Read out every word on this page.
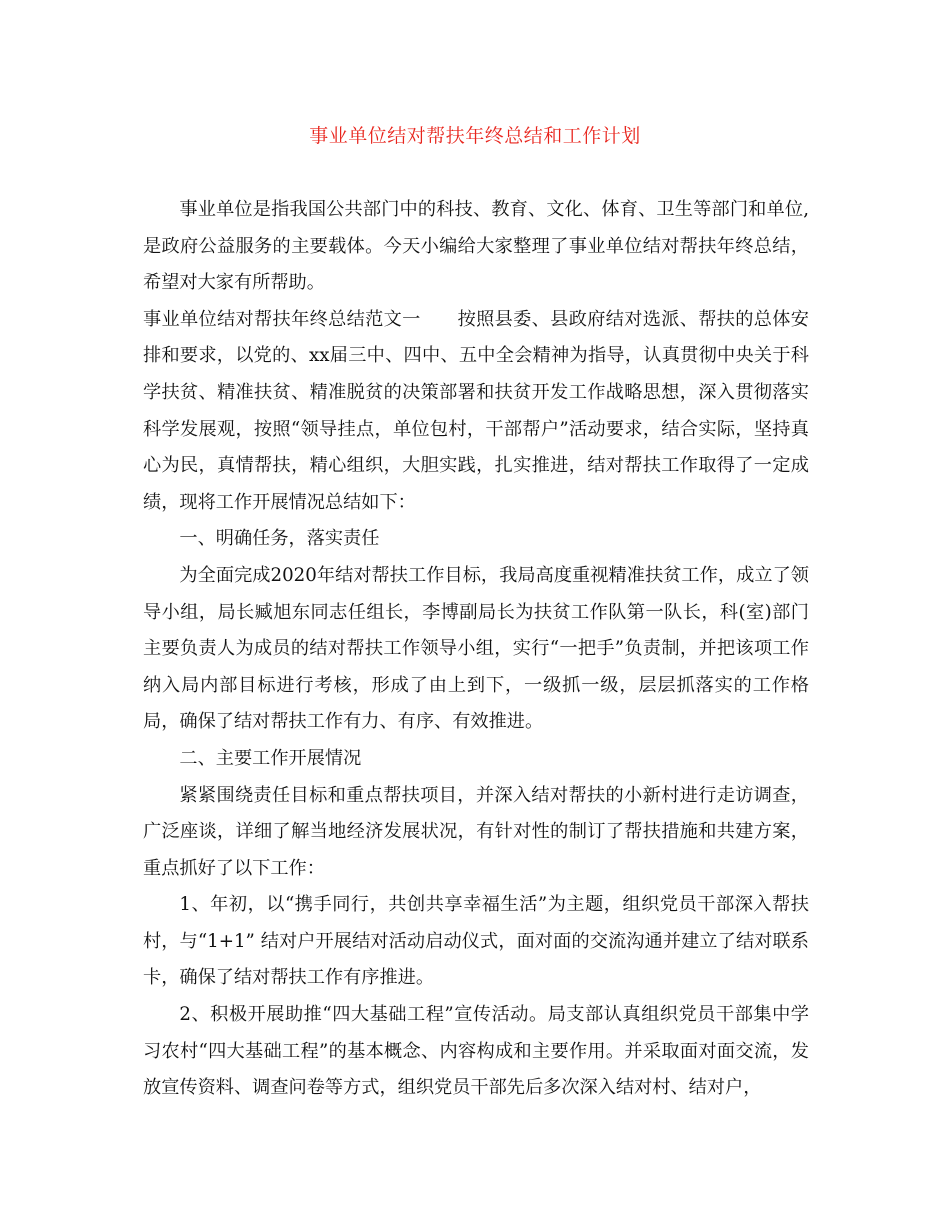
事业单位结对帮扶年终总结和工作计划

事业单位是指我国公共部门中的科技、教育、文化、体育、卫生等部门和单位,是政府公益服务的主要载体。今天小编给大家整理了事业单位结对帮扶年终总结，希望对大家有所帮助。

事业单位结对帮扶年终总结范文一　　按照县委、县政府结对选派、帮扶的总体安排和要求，以党的、xx届三中、四中、五中全会精神为指导，认真贯彻中央关于科学扶贫、精准扶贫、精准脱贫的决策部署和扶贫开发工作战略思想，深入贯彻落实科学发展观，按照“领导挂点，单位包村，干部帮户”活动要求，结合实际，坚持真心为民，真情帮扶，精心组织，大胆实践，扎实推进，结对帮扶工作取得了一定成绩，现将工作开展情况总结如下：

一、明确任务，落实责任

为全面完成2020年结对帮扶工作目标，我局高度重视精准扶贫工作，成立了领导小组，局长臧旭东同志任组长，李博副局长为扶贫工作队第一队长，科(室)部门主要负责人为成员的结对帮扶工作领导小组，实行“一把手”负责制，并把该项工作纳入局内部目标进行考核，形成了由上到下，一级抓一级，层层抓落实的工作格局，确保了结对帮扶工作有力、有序、有效推进。

二、主要工作开展情况

紧紧围绕责任目标和重点帮扶项目，并深入结对帮扶的小新村进行走访调查，广泛座谈，详细了解当地经济发展状况，有针对性的制订了帮扶措施和共建方案，重点抓好了以下工作：

1、年初，以“携手同行，共创共享幸福生活”为主题，组织党员干部深入帮扶村，与“1+1” 结对户开展结对活动启动仪式，面对面的交流沟通并建立了结对联系卡，确保了结对帮扶工作有序推进。

2、积极开展助推“四大基础工程”宣传活动。局支部认真组织党员干部集中学习农村“四大基础工程”的基本概念、内容构成和主要作用。并采取面对面交流，发放宣传资料、调查问卷等方式，组织党员干部先后多次深入结对村、结对户，
